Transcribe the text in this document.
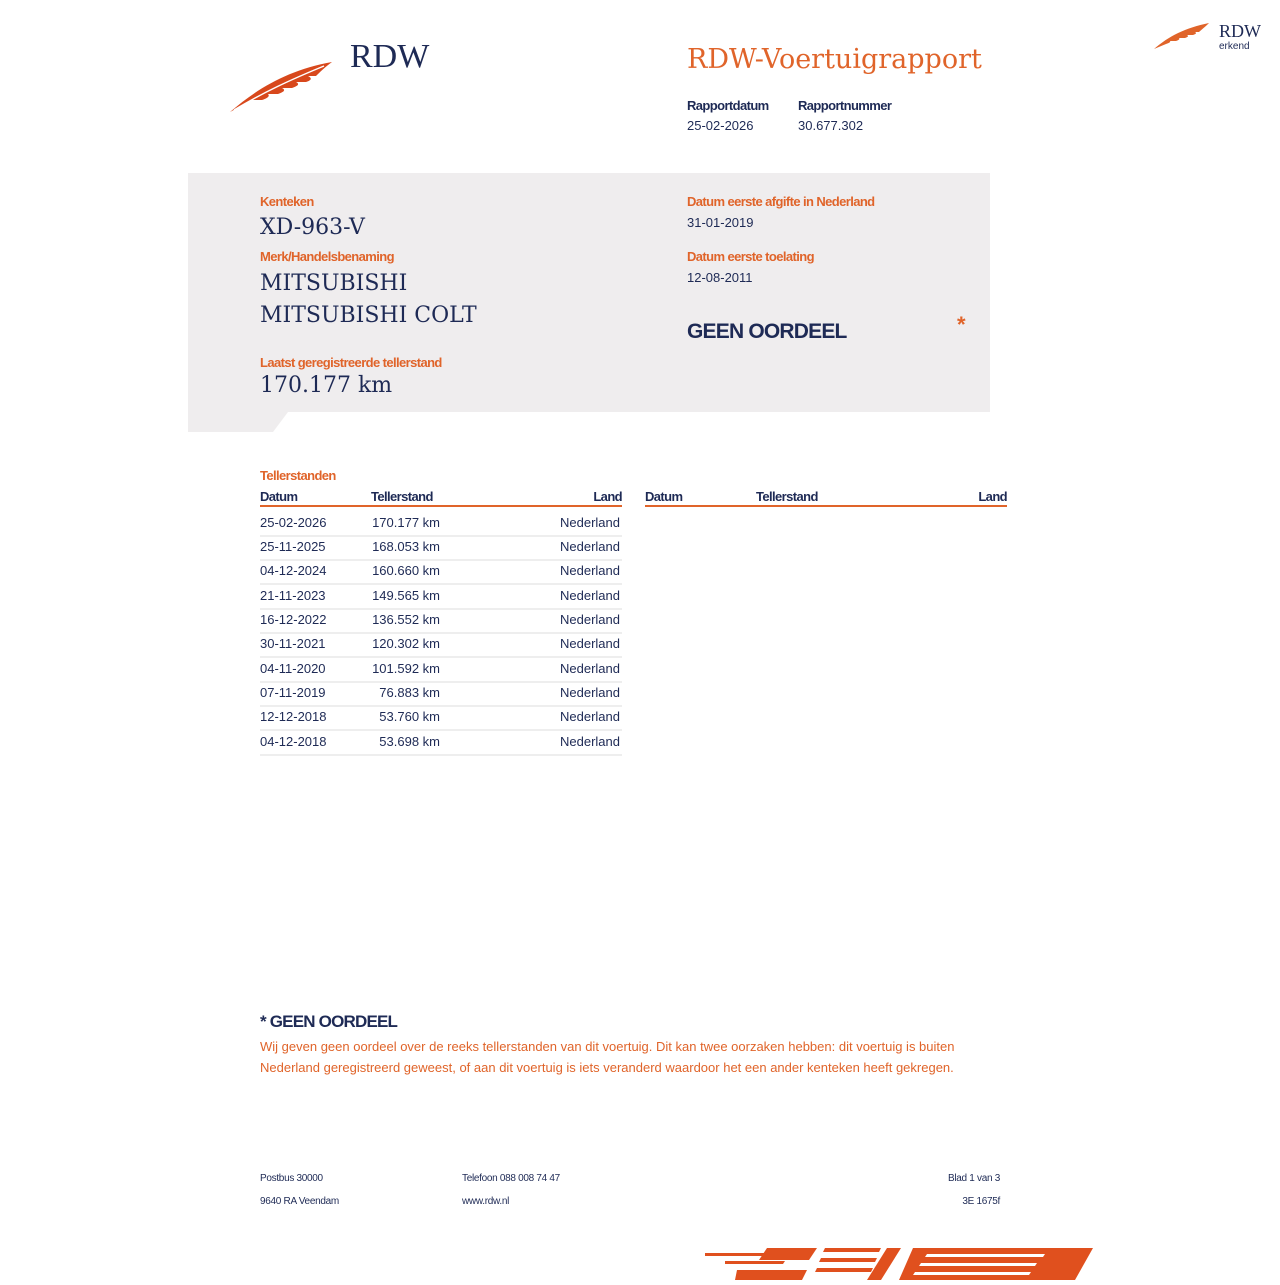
RDW
RDW
erkend
RDW-Voertuigrapport
Rapportdatum
25-02-2026
Rapportnummer
30.677.302
Kenteken
XD-963-V
Merk/Handelsbenaming
MITSUBISHI
MITSUBISHI COLT
Laatst geregistreerde tellerstand
170.177 km
Datum eerste afgifte in Nederland
31-01-2019
Datum eerste toelating
12-08-2011
GEEN OORDEEL	*
Tellerstanden
Datum	Tellerstand	Land Datum	Tellerstand	Land
25-02-2026	170.177 km	Nederland
25-11-2025	168.053 km	Nederland
04-12-2024	160.660 km	Nederland
21-11-2023	149.565 km	Nederland
16-12-2022	136.552 km	Nederland
30-11-2021	120.302 km	Nederland
04-11-2020	101.592 km	Nederland
07-11-2019	76.883 km	Nederland
12-12-2018	53.760 km	Nederland
04-12-2018	53.698 km	Nederland
* GEEN OORDEEL
Wij geven geen oordeel over de reeks tellerstanden van dit voertuig. Dit kan twee oorzaken hebben: dit voertuig is buiten Nederland geregistreerd geweest, of aan dit voertuig is iets veranderd waardoor het een ander kenteken heeft gekregen.
Postbus 30000
9640 RA Veendam
Telefoon 088 008 74 47
www.rdw.nl
Blad 1 van 3
3E 1675f
